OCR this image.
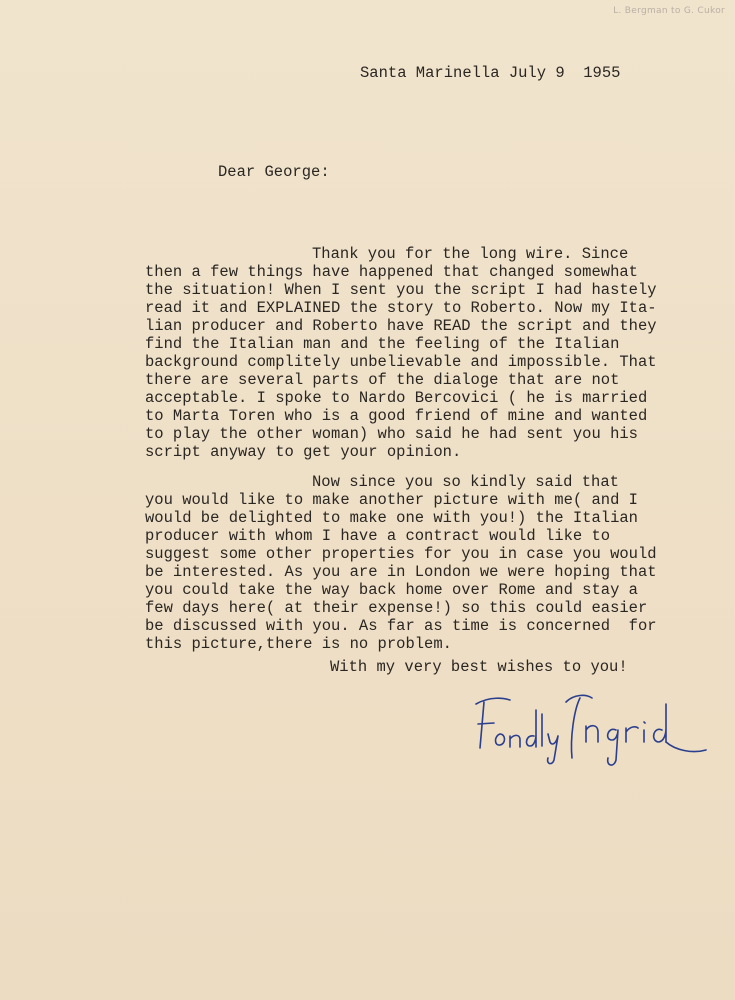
L. Bergman to G. Cukor
Santa Marinella July 9  1955
Dear George:
Thank you for the long wire. Since
then a few things have happened that changed somewhat
the situation! When I sent you the script I had hastely
read it and EXPLAINED the story to Roberto. Now my Ita-
lian producer and Roberto have READ the script and they
find the Italian man and the feeling of the Italian
background complitely unbelievable and impossible. That
there are several parts of the dialoge that are not
acceptable. I spoke to Nardo Bercovici ( he is married
to Marta Toren who is a good friend of mine and wanted
to play the other woman) who said he had sent you his
script anyway to get your opinion.
Now since you so kindly said that
you would like to make another picture with me( and I
would be delighted to make one with you!) the Italian
producer with whom I have a contract would like to
suggest some other properties for you in case you would
be interested. As you are in London we were hoping that
you could take the way back home over Rome and stay a
few days here( at their expense!) so this could easier
be discussed with you. As far as time is concerned  for
this picture,there is no problem.
With my very best wishes to you!
